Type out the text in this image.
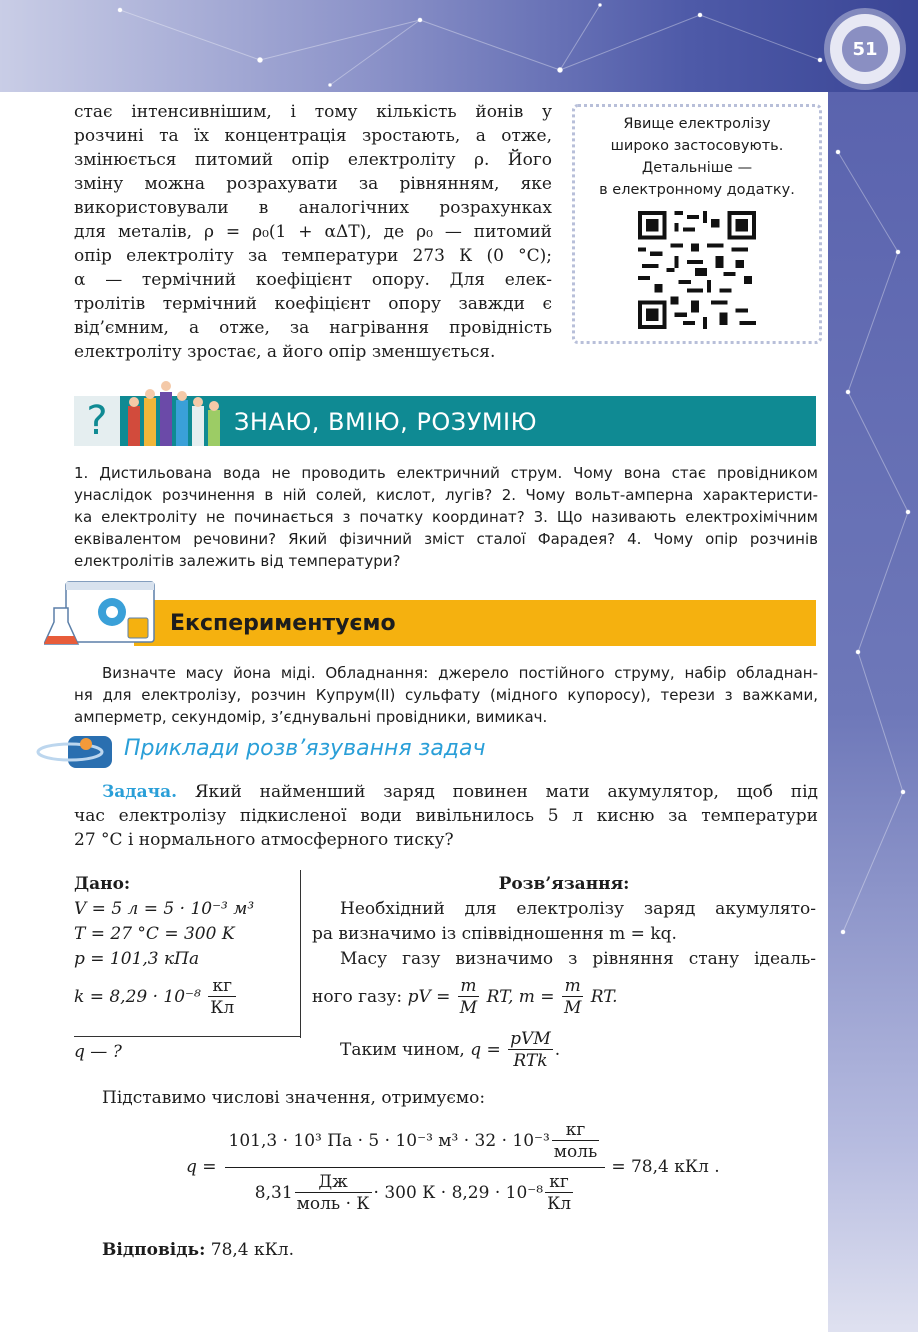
51
стає інтенсивнішим, і тому кількість йонів у
розчині та їх концентрація зростають, а отже,
змінюється питомий опір електроліту ρ. Його
зміну можна розрахувати за рівнянням, яке
використовували в аналогічних розрахунках
для металів, ρ = ρ₀(1 + αΔT), де ρ₀ — питомий
опір електроліту за температури 273 К (0 °С);
α — термічний коефіцієнт опору. Для елек-
тролітів термічний коефіцієнт опору завжди є
від’ємним, а отже, за нагрівання провідність
електроліту зростає, а його опір зменшується.
Явище електролізу
широко застосовують.
Детальніше —
в електронному додатку.
?	ЗНАЮ, ВМІЮ, РОЗУМІЮ
1. Дистильована вода не проводить електричний струм. Чому вона стає провідником
унаслідок розчинення в ній солей, кислот, лугів? 2. Чому вольт-амперна характеристи-
ка електроліту не починається з початку координат? 3. Що називають електрохімічним
еквівалентом речовини? Який фізичний зміст сталої Фарадея? 4. Чому опір розчинів
електролітів залежить від температури?
Експериментуємо
Визначте масу йона міді. Обладнання: джерело постійного струму, набір обладнан-
ня для електролізу, розчин Купрум(ІІ) сульфату (мідного купоросу), терези з важками,
амперметр, секундомір, з’єднувальні провідники, вимикач.
Приклади розв’язування задач
Задача. Який найменший заряд повинен мати акумулятор, щоб під
час електролізу підкисленої води вивільнилось 5 л кисню за температури
27 °С і нормального атмосферного тиску?
Дано:
V = 5 л = 5 · 10⁻³ м³
T = 27 °C = 300 K
p = 101,3 кПа
$k = 8,29 \cdot 10^{-8} \frac{кг}{Кл}$
q — ?
Розв’язання:
Необхідний для електролізу заряд акумулято-
ра визначимо із співвідношення m = kq.
Масу газу визначимо з рівняння стану ідеаль-
ного газу: pV = $\frac{m}{M}$ RT, $m = \frac{m}{M}$ RT.
Таким чином, $q = \frac{\text{pVM}}{\text{RTk}}$ .
Підставимо числові значення, отримуємо:
q =
101,3 · 10³ Па · 5 · 10⁻³ $м^3 \cdot 32 \cdot 10^{-3} \frac{кг}{\text{моль}}$
$8,31 \frac{Дж}{\text{моль · К}} \cdot 300$ $К \cdot 8,29 \cdot 10^{-8} \frac{кг}{Кл}$
= 78,4 кКл .
Відповідь: 78,4 кКл.
